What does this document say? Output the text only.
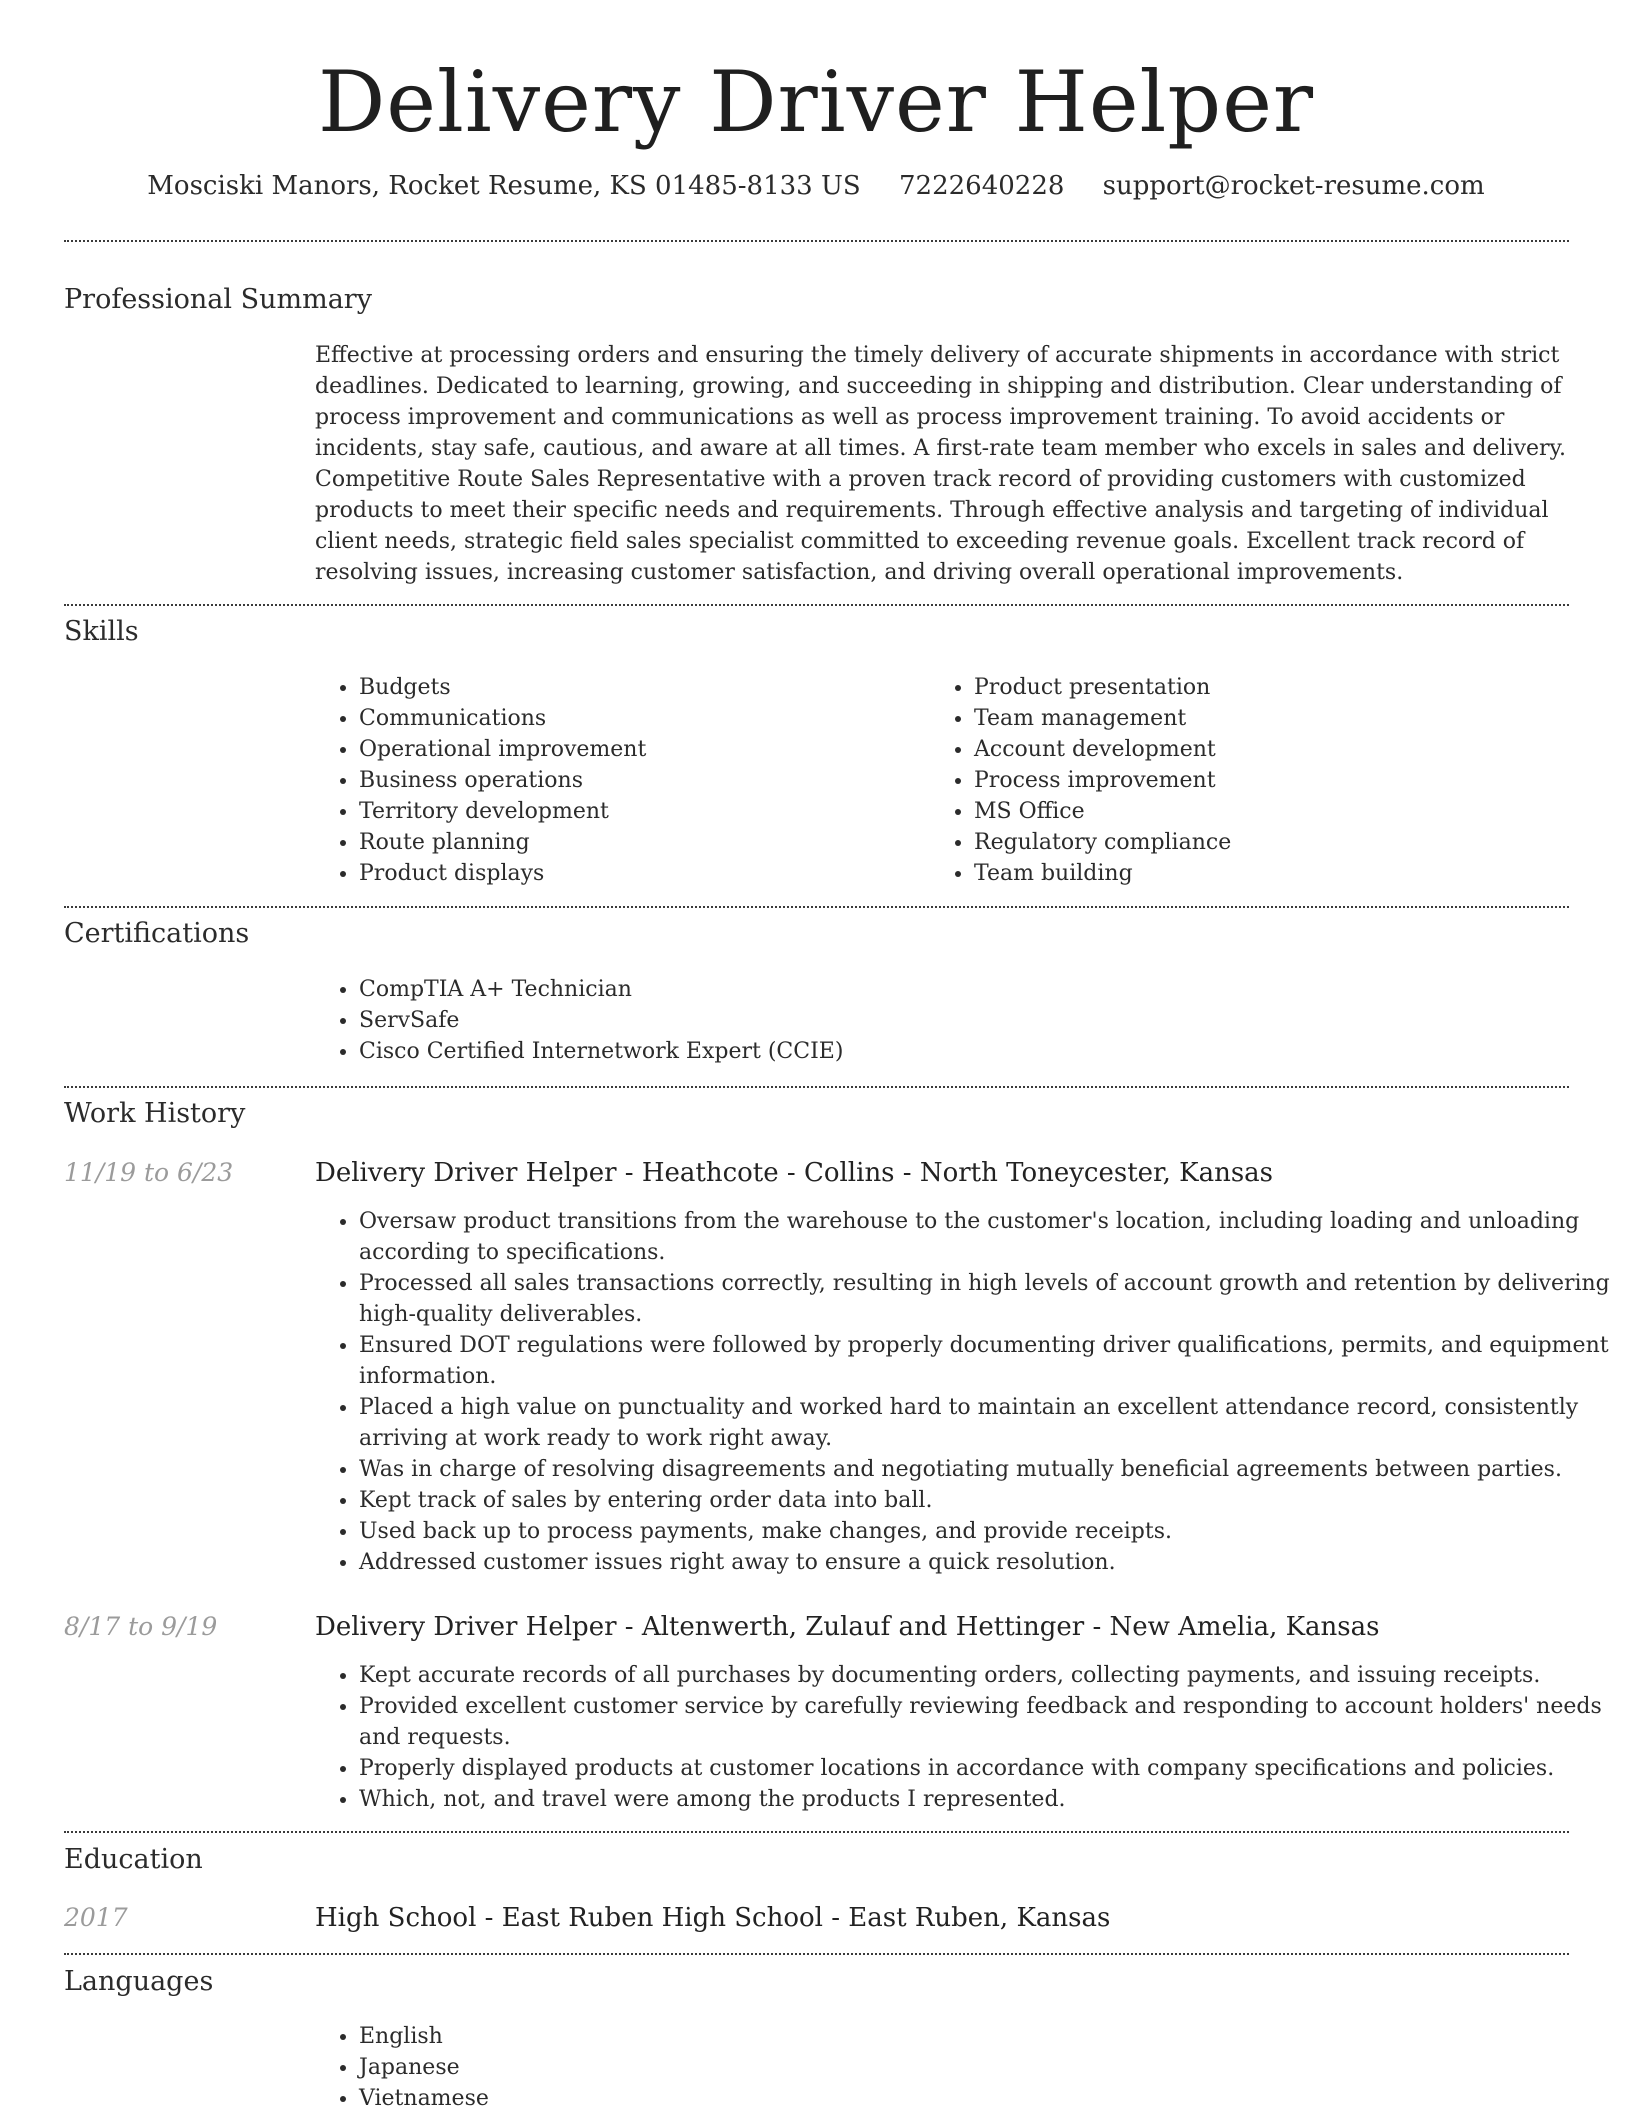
Delivery Driver Helper
Mosciski Manors, Rocket Resume, KS 01485-8133 US 7222640228 support@rocket-resume.com
Professional Summary

Effective at processing orders and ensuring the timely delivery of accurate shipments in accordance with strict deadlines. Dedicated to learning, growing, and succeeding in shipping and distribution. Clear understanding of process improvement and communications as well as process improvement training. To avoid accidents or incidents, stay safe, cautious, and aware at all times. A first-rate team member who excels in sales and delivery. Competitive Route Sales Representative with a proven track record of providing customers with customized products to meet their specific needs and requirements. Through effective analysis and targeting of individual client needs, strategic field sales specialist committed to exceeding revenue goals. Excellent track record of resolving issues, increasing customer satisfaction, and driving overall operational improvements.

Skills
• Budgets
• Communications
• Operational improvement
• Business operations
• Territory development
• Route planning
• Product displays
• Product presentation
• Team management
• Account development
• Process improvement
• MS Office
• Regulatory compliance
• Team building
Certifications
• CompTIA A+ Technician
• ServSafe
• Cisco Certified Internetwork Expert (CCIE)
Work History
11/19 to 6/23	Delivery Driver Helper - Heathcote - Collins - North Toneycester, Kansas
• Oversaw product transitions from the warehouse to the customer's location, including loading and unloading according to specifications.
• Processed all sales transactions correctly, resulting in high levels of account growth and retention by delivering high-quality deliverables.
• Ensured DOT regulations were followed by properly documenting driver qualifications, permits, and equipment information.
• Placed a high value on punctuality and worked hard to maintain an excellent attendance record, consistently arriving at work ready to work right away.
• Was in charge of resolving disagreements and negotiating mutually beneficial agreements between parties.
• Kept track of sales by entering order data into ball.
• Used back up to process payments, make changes, and provide receipts.
• Addressed customer issues right away to ensure a quick resolution.
8/17 to 9/19	Delivery Driver Helper - Altenwerth, Zulauf and Hettinger - New Amelia, Kansas
• Kept accurate records of all purchases by documenting orders, collecting payments, and issuing receipts.
• Provided excellent customer service by carefully reviewing feedback and responding to account holders' needs and requests.
• Properly displayed products at customer locations in accordance with company specifications and policies.
• Which, not, and travel were among the products I represented.
Education
2017	High School - East Ruben High School - East Ruben, Kansas
Languages
• English
• Japanese
• Vietnamese
